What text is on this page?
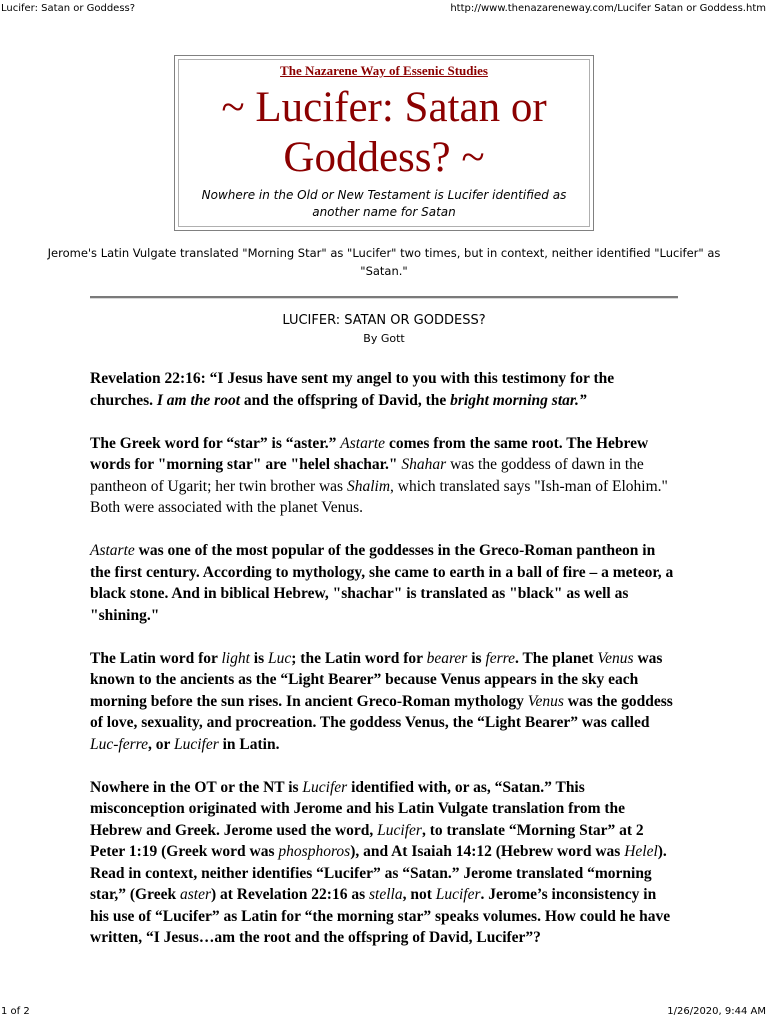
Lucifer: Satan or Goddess?	http://www.thenazareneway.com/Lucifer Satan or Goddess.htm
The Nazarene Way of Essenic Studies
~ Lucifer: Satan or
Goddess? ~
Nowhere in the Old or New Testament is Lucifer identified as another name for Satan
Jerome's Latin Vulgate translated "Morning Star" as "Lucifer" two times, but in context, neither identified "Lucifer" as "Satan."
LUCIFER: SATAN OR GODDESS?
By Gott

Revelation 22:16: “I Jesus have sent my angel to you with this testimony for the churches. I am the root and the offspring of David, the bright morning star.”

The Greek word for “star” is “aster.” Astarte comes from the same root. The Hebrew words for "morning star" are "helel shachar." Shahar was the goddess of dawn in the pantheon of Ugarit; her twin brother was Shalim, which translated says "Ish-man of Elohim." Both were associated with the planet Venus.

Astarte was one of the most popular of the goddesses in the Greco-Roman pantheon in the first century. According to mythology, she came to earth in a ball of fire – a meteor, a black stone. And in biblical Hebrew, "shachar" is translated as "black" as well as "shining."

The Latin word for light is Luc; the Latin word for bearer is ferre. The planet Venus was known to the ancients as the “Light Bearer” because Venus appears in the sky each morning before the sun rises. In ancient Greco-Roman mythology Venus was the goddess of love, sexuality, and procreation. The goddess Venus, the “Light Bearer” was called Luc-ferre, or Lucifer in Latin.

Nowhere in the OT or the NT is Lucifer identified with, or as, “Satan.” This misconception originated with Jerome and his Latin Vulgate translation from the Hebrew and Greek. Jerome used the word, Lucifer, to translate “Morning Star” at 2 Peter 1:19 (Greek word was phosphoros), and At Isaiah 14:12 (Hebrew word was Helel). Read in context, neither identifies “Lucifer” as “Satan.” Jerome translated “morning star,” (Greek aster) at Revelation 22:16 as stella, not Lucifer. Jerome’s inconsistency in his use of “Lucifer” as Latin for “the morning star” speaks volumes. How could he have written, “I Jesus…am the root and the offspring of David, Lucifer”?

1 of 2	1/26/2020, 9:44 AM
